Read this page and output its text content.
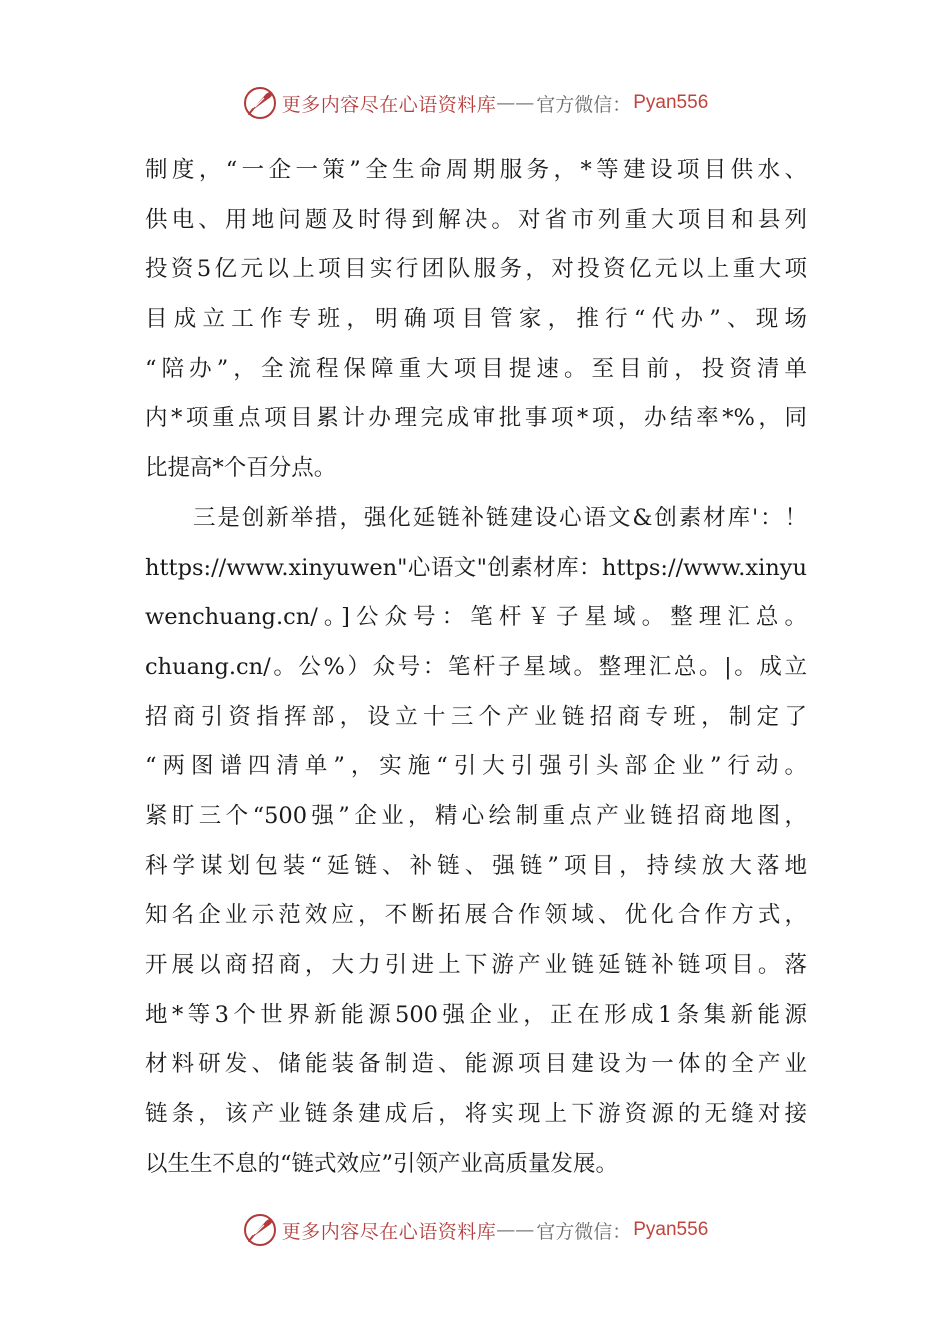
更多内容尽在心语资料库 —— 官方微信： Pyan556
制度，“一企一策”全生命周期服务，*等建设项目供水、
供电、用地问题及时得到解决。对省市列重大项目和县列
投资5亿元以上项目实行团队服务，对投资亿元以上重大项
目成立工作专班，明确项目管家，推行“代办”、现场
“陪办”，全流程保障重大项目提速。至目前，投资清单
内*项重点项目累计办理完成审批事项*项，办结率*%，同
比提高*个百分点。
三是创新举措，强化延链补链建设心语文&创素材库'：！
https://www.xinyuwen"心语文"创素材库：https://www.xinyu
wenchuang.cn/。]公众号：笔杆￥子星域。整理汇总。
chuang.cn/。公%）众号：笔杆子星域。整理汇总。|。成立
招商引资指挥部，设立十三个产业链招商专班，制定了
“两图谱四清单”，实施“引大引强引头部企业”行动。
紧盯三个“500强”企业，精心绘制重点产业链招商地图，
科学谋划包装“延链、补链、强链”项目，持续放大落地
知名企业示范效应，不断拓展合作领域、优化合作方式，
开展以商招商，大力引进上下游产业链延链补链项目。落
地*等3个世界新能源500强企业，正在形成1条集新能源
材料研发、储能装备制造、能源项目建设为一体的全产业
链条，该产业链条建成后，将实现上下游资源的无缝对接
以生生不息的“链式效应”引领产业高质量发展。
更多内容尽在心语资料库 —— 官方微信： Pyan556
